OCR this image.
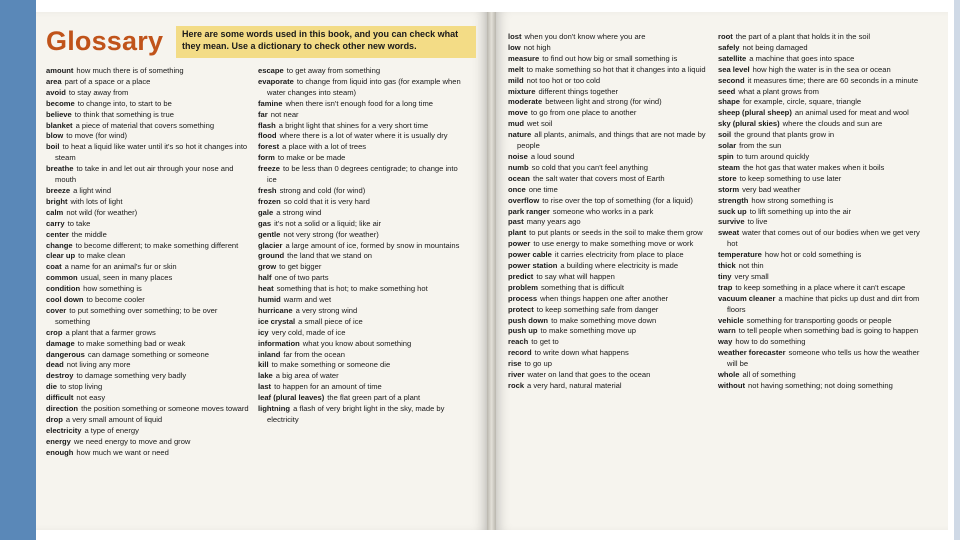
Glossary	Here are some words used in this book, and you can check what they mean. Use a dictionary to check other new words.

amount how much there is of something

area part of a space or a place

avoid to stay away from

become to change into, to start to be

believe to think that something is true

blanket a piece of material that covers something

blow to move (for wind)

boil to heat a liquid like water until it's so hot it changes into steam

breathe to take in and let out air through your nose and mouth

breeze a light wind

bright with lots of light

calm not wild (for weather)

carry to take

center the middle

change to become different; to make something different

clear up to make clean

coat a name for an animal's fur or skin

common usual, seen in many places

condition how something is

cool down to become cooler

cover to put something over something; to be over something

crop a plant that a farmer grows

damage to make something bad or weak

dangerous can damage something or someone

dead not living any more

destroy to damage something very badly

die to stop living

difficult not easy

direction the position something or someone moves toward

drop a very small amount of liquid

electricity a type of energy

energy we need energy to move and grow

enough how much we want or need

escape to get away from something

evaporate to change from liquid into gas (for example when water changes into steam)

famine when there isn't enough food for a long time

far not near

flash a bright light that shines for a very short time

flood where there is a lot of water where it is usually dry

forest a place with a lot of trees

form to make or be made

freeze to be less than 0 degrees centigrade; to change into ice

fresh strong and cold (for wind)

frozen so cold that it is very hard

gale a strong wind

gas it's not a solid or a liquid; like air

gentle not very strong (for weather)

glacier a large amount of ice, formed by snow in mountains

ground the land that we stand on

grow to get bigger

half one of two parts

heat something that is hot; to make something hot

humid warm and wet

hurricane a very strong wind

ice crystal a small piece of ice

icy very cold, made of ice

information what you know about something

inland far from the ocean

kill to make something or someone die

lake a big area of water

last to happen for an amount of time

leaf (plural leaves) the flat green part of a plant

lightning a flash of very bright light in the sky, made by electricity

lost when you don't know where you are

low not high

measure to find out how big or small something is

melt to make something so hot that it changes into a liquid

mild not too hot or too cold

mixture different things together

moderate between light and strong (for wind)

move to go from one place to another

mud wet soil

nature all plants, animals, and things that are not made by people

noise a loud sound

numb so cold that you can't feel anything

ocean the salt water that covers most of Earth

once one time

overflow to rise over the top of something (for a liquid)

park ranger someone who works in a park

past many years ago

plant to put plants or seeds in the soil to make them grow

power to use energy to make something move or work

power cable it carries electricity from place to place

power station a building where electricity is made

predict to say what will happen

problem something that is difficult

process when things happen one after another

protect to keep something safe from danger

push down to make something move down

push up to make something move up

reach to get to

record to write down what happens

rise to go up

river water on land that goes to the ocean

rock a very hard, natural material

root the part of a plant that holds it in the soil

safely not being damaged

satellite a machine that goes into space

sea level how high the water is in the sea or ocean

second it measures time; there are 60 seconds in a minute

seed what a plant grows from

shape for example, circle, square, triangle

sheep (plural sheep) an animal used for meat and wool

sky (plural skies) where the clouds and sun are

soil the ground that plants grow in

solar from the sun

spin to turn around quickly

steam the hot gas that water makes when it boils

store to keep something to use later

storm very bad weather

strength how strong something is

suck up to lift something up into the air

survive to live

sweat water that comes out of our bodies when we get very hot

temperature how hot or cold something is

thick not thin

tiny very small

trap to keep something in a place where it can't escape

vacuum cleaner a machine that picks up dust and dirt from floors

vehicle something for transporting goods or people

warn to tell people when something bad is going to happen

way how to do something

weather forecaster someone who tells us how the weather will be

whole all of something

without not having something; not doing something
